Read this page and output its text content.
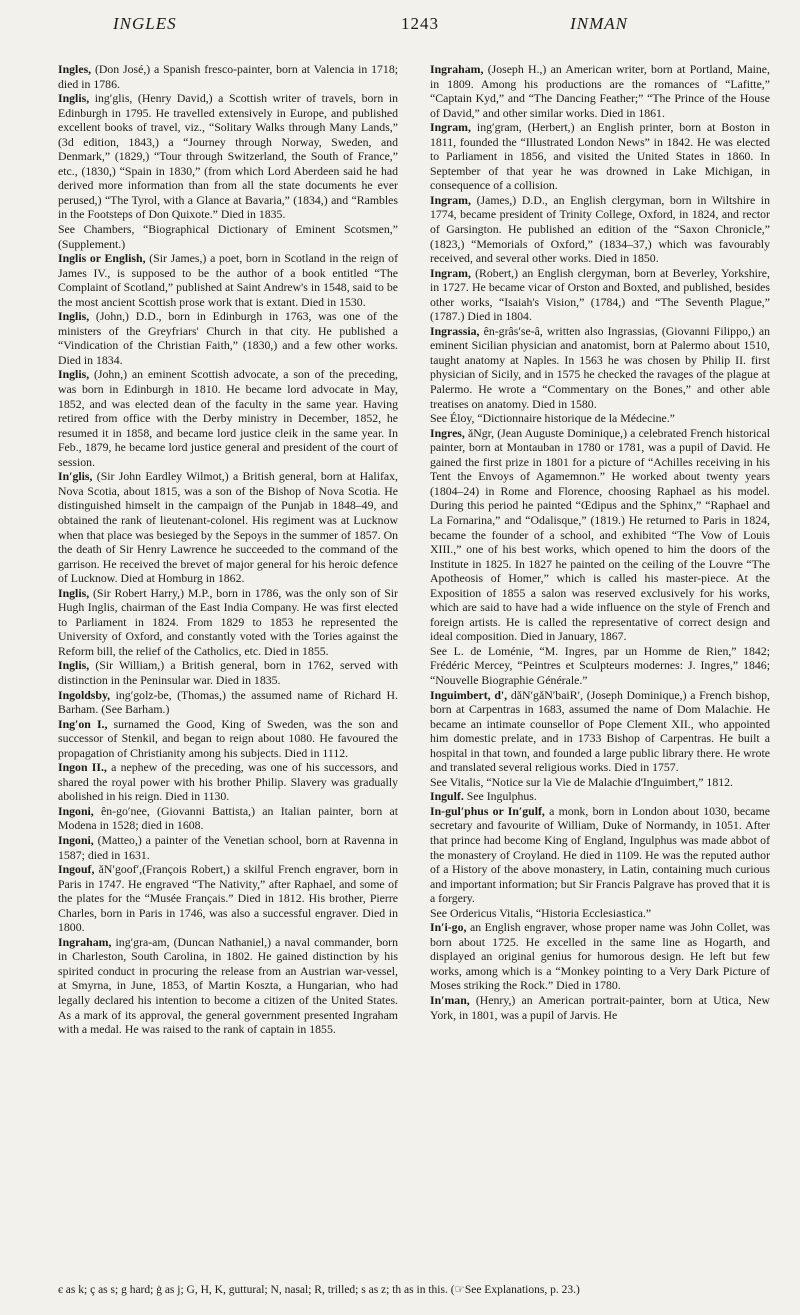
INGLES	1243	INMAN

Ingles, (Don José,) a Spanish fresco-painter, born at Valencia in 1718; died in 1786.

Inglis, ing′glis, (Henry David,) a Scottish writer of travels, born in Edinburgh in 1795. He travelled extensively in Europe, and published excellent books of travel, viz., “Solitary Walks through Many Lands,” (3d edition, 1843,) a “Journey through Norway, Sweden, and Denmark,” (1829,) “Tour through Switzerland, the South of France,” etc., (1830,) “Spain in 1830,” (from which Lord Aberdeen said he had derived more information than from all the state documents he ever perused,) “The Tyrol, with a Glance at Bavaria,” (1834,) and “Rambles in the Footsteps of Don Quixote.” Died in 1835.

See Chambers, “Biographical Dictionary of Eminent Scotsmen,” (Supplement.)

Inglis or English, (Sir James,) a poet, born in Scotland in the reign of James IV., is supposed to be the author of a book entitled “The Complaint of Scotland,” published at Saint Andrew's in 1548, said to be the most ancient Scottish prose work that is extant. Died in 1530.

Inglis, (John,) D.D., born in Edinburgh in 1763, was one of the ministers of the Greyfriars' Church in that city. He published a “Vindication of the Christian Faith,” (1830,) and a few other works. Died in 1834.

Inglis, (John,) an eminent Scottish advocate, a son of the preceding, was born in Edinburgh in 1810. He became lord advocate in May, 1852, and was elected dean of the faculty in the same year. Having retired from office with the Derby ministry in December, 1852, he resumed it in 1858, and became lord justice cleik in the same year. In Feb., 1879, he became lord justice general and president of the court of session.

In′glis, (Sir John Eardley Wilmot,) a British general, born at Halifax, Nova Scotia, about 1815, was a son of the Bishop of Nova Scotia. He distinguished himselt in the campaign of the Punjab in 1848–49, and obtained the rank of lieutenant-colonel. His regiment was at Lucknow when that place was besieged by the Sepoys in the summer of 1857. On the death of Sir Henry Lawrence he succeeded to the command of the garrison. He received the brevet of major general for his heroic defence of Lucknow. Died at Homburg in 1862.

Inglis, (Sir Robert Harry,) M.P., born in 1786, was the only son of Sir Hugh Inglis, chairman of the East India Company. He was first elected to Parliament in 1824. From 1829 to 1853 he represented the University of Oxford, and constantly voted with the Tories against the Reform bill, the relief of the Catholics, etc. Died in 1855.

Inglis, (Sir William,) a British general, born in 1762, served with distinction in the Peninsular war. Died in 1835.

Ingoldsby, ing′golz-be, (Thomas,) the assumed name of Richard H. Barham. (See Barham.)

Ing′on I., surnamed the Good, King of Sweden, was the son and successor of Stenkil, and began to reign about 1080. He favoured the propagation of Christianity among his subjects. Died in 1112.

Ingon II., a nephew of the preceding, was one of his successors, and shared the royal power with his brother Philip. Slavery was gradually abolished in his reign. Died in 1130.

Ingoni, ên-go′nee, (Giovanni Battista,) an Italian painter, born at Modena in 1528; died in 1608.

Ingoni, (Matteo,) a painter of the Venetian school, born at Ravenna in 1587; died in 1631.

Ingouf, ǎN′goof′,(François Robert,) a skilful French engraver, born in Paris in 1747. He engraved “The Nativity,” after Raphael, and some of the plates for the “Musée Français.” Died in 1812. His brother, Pierre Charles, born in Paris in 1746, was also a successful engraver. Died in 1800.

Ingraham, ing′gra-am, (Duncan Nathaniel,) a naval commander, born in Charleston, South Carolina, in 1802. He gained distinction by his spirited conduct in procuring the release from an Austrian war-vessel, at Smyrna, in June, 1853, of Martin Koszta, a Hungarian, who had legally declared his intention to become a citizen of the United States. As a mark of its approval, the general government presented Ingraham with a medal. He was raised to the rank of captain in 1855.

Ingraham, (Joseph H.,) an American writer, born at Portland, Maine, in 1809. Among his productions are the romances of “Lafitte,” “Captain Kyd,” and “The Dancing Feather;” “The Prince of the House of David,” and other similar works. Died in 1861.

Ingram, ing′gram, (Herbert,) an English printer, born at Boston in 1811, founded the “Illustrated London News” in 1842. He was elected to Parliament in 1856, and visited the United States in 1860. In September of that year he was drowned in Lake Michigan, in consequence of a collision.

Ingram, (James,) D.D., an English clergyman, born in Wiltshire in 1774, became president of Trinity College, Oxford, in 1824, and rector of Garsington. He published an edition of the “Saxon Chronicle,” (1823,) “Memorials of Oxford,” (1834–37,) which was favourably received, and several other works. Died in 1850.

Ingram, (Robert,) an English clergyman, born at Beverley, Yorkshire, in 1727. He became vicar of Orston and Boxted, and published, besides other works, “Isaiah's Vision,” (1784,) and “The Seventh Plague,” (1787.) Died in 1804.

Ingrassia, ên-grâs′se-â, written also Ingrassias, (Giovanni Filippo,) an eminent Sicilian physician and anatomist, born at Palermo about 1510, taught anatomy at Naples. In 1563 he was chosen by Philip II. first physician of Sicily, and in 1575 he checked the ravages of the plague at Palermo. He wrote a “Commentary on the Bones,” and other able treatises on anatomy. Died in 1580.

See Éloy, “Dictionnaire historique de la Médecine.”

Ingres, ǎNgr, (Jean Auguste Dominique,) a celebrated French historical painter, born at Montauban in 1780 or 1781, was a pupil of David. He gained the first prize in 1801 for a picture of “Achilles receiving in his Tent the Envoys of Agamemnon.” He worked about twenty years (1804–24) in Rome and Florence, choosing Raphael as his model. During this period he painted “Œdipus and the Sphinx,” “Raphael and La Fornarina,” and “Odalisque,” (1819.) He returned to Paris in 1824, became the founder of a school, and exhibited “The Vow of Louis XIII.,” one of his best works, which opened to him the doors of the Institute in 1825. In 1827 he painted on the ceiling of the Louvre “The Apotheosis of Homer,” which is called his master-piece. At the Exposition of 1855 a salon was reserved exclusively for his works, which are said to have had a wide influence on the style of French and foreign artists. He is called the representative of correct design and ideal composition. Died in January, 1867.

See L. de Loménie, “M. Ingres, par un Homme de Rien,” 1842; Frédéric Mercey, “Peintres et Sculpteurs modernes: J. Ingres,” 1846; “Nouvelle Biographie Générale.”

Inguimbert, d', dǎN′gǎN′baiR′, (Joseph Dominique,) a French bishop, born at Carpentras in 1683, assumed the name of Dom Malachie. He became an intimate counsellor of Pope Clement XII., who appointed him domestic prelate, and in 1733 Bishop of Carpentras. He built a hospital in that town, and founded a large public library there. He wrote and translated several religious works. Died in 1757.

See Vitalis, “Notice sur la Vie de Malachie d'Inguimbert,” 1812.

Ingulf. See Ingulphus.

In-gul′phus or In′gulf, a monk, born in London about 1030, became secretary and favourite of William, Duke of Normandy, in 1051. After that prince had become King of England, Ingulphus was made abbot of the monastery of Croyland. He died in 1109. He was the reputed author of a History of the above monastery, in Latin, containing much curious and important information; but Sir Francis Palgrave has proved that it is a forgery.

See Ordericus Vitalis, “Historia Ecclesiastica.”

In′i-go, an English engraver, whose proper name was John Collet, was born about 1725. He excelled in the same line as Hogarth, and displayed an original genius for humorous design. He left but few works, among which is a “Monkey pointing to a Very Dark Picture of Moses striking the Rock.” Died in 1780.

In′man, (Henry,) an American portrait-painter, born at Utica, New York, in 1801, was a pupil of Jarvis. He

є as k; ç as s; g hard; ġ as j; G, H, K, guttural; N, nasal; R, trilled; s as z; th as in this. (☞See Explanations, p. 23.)
